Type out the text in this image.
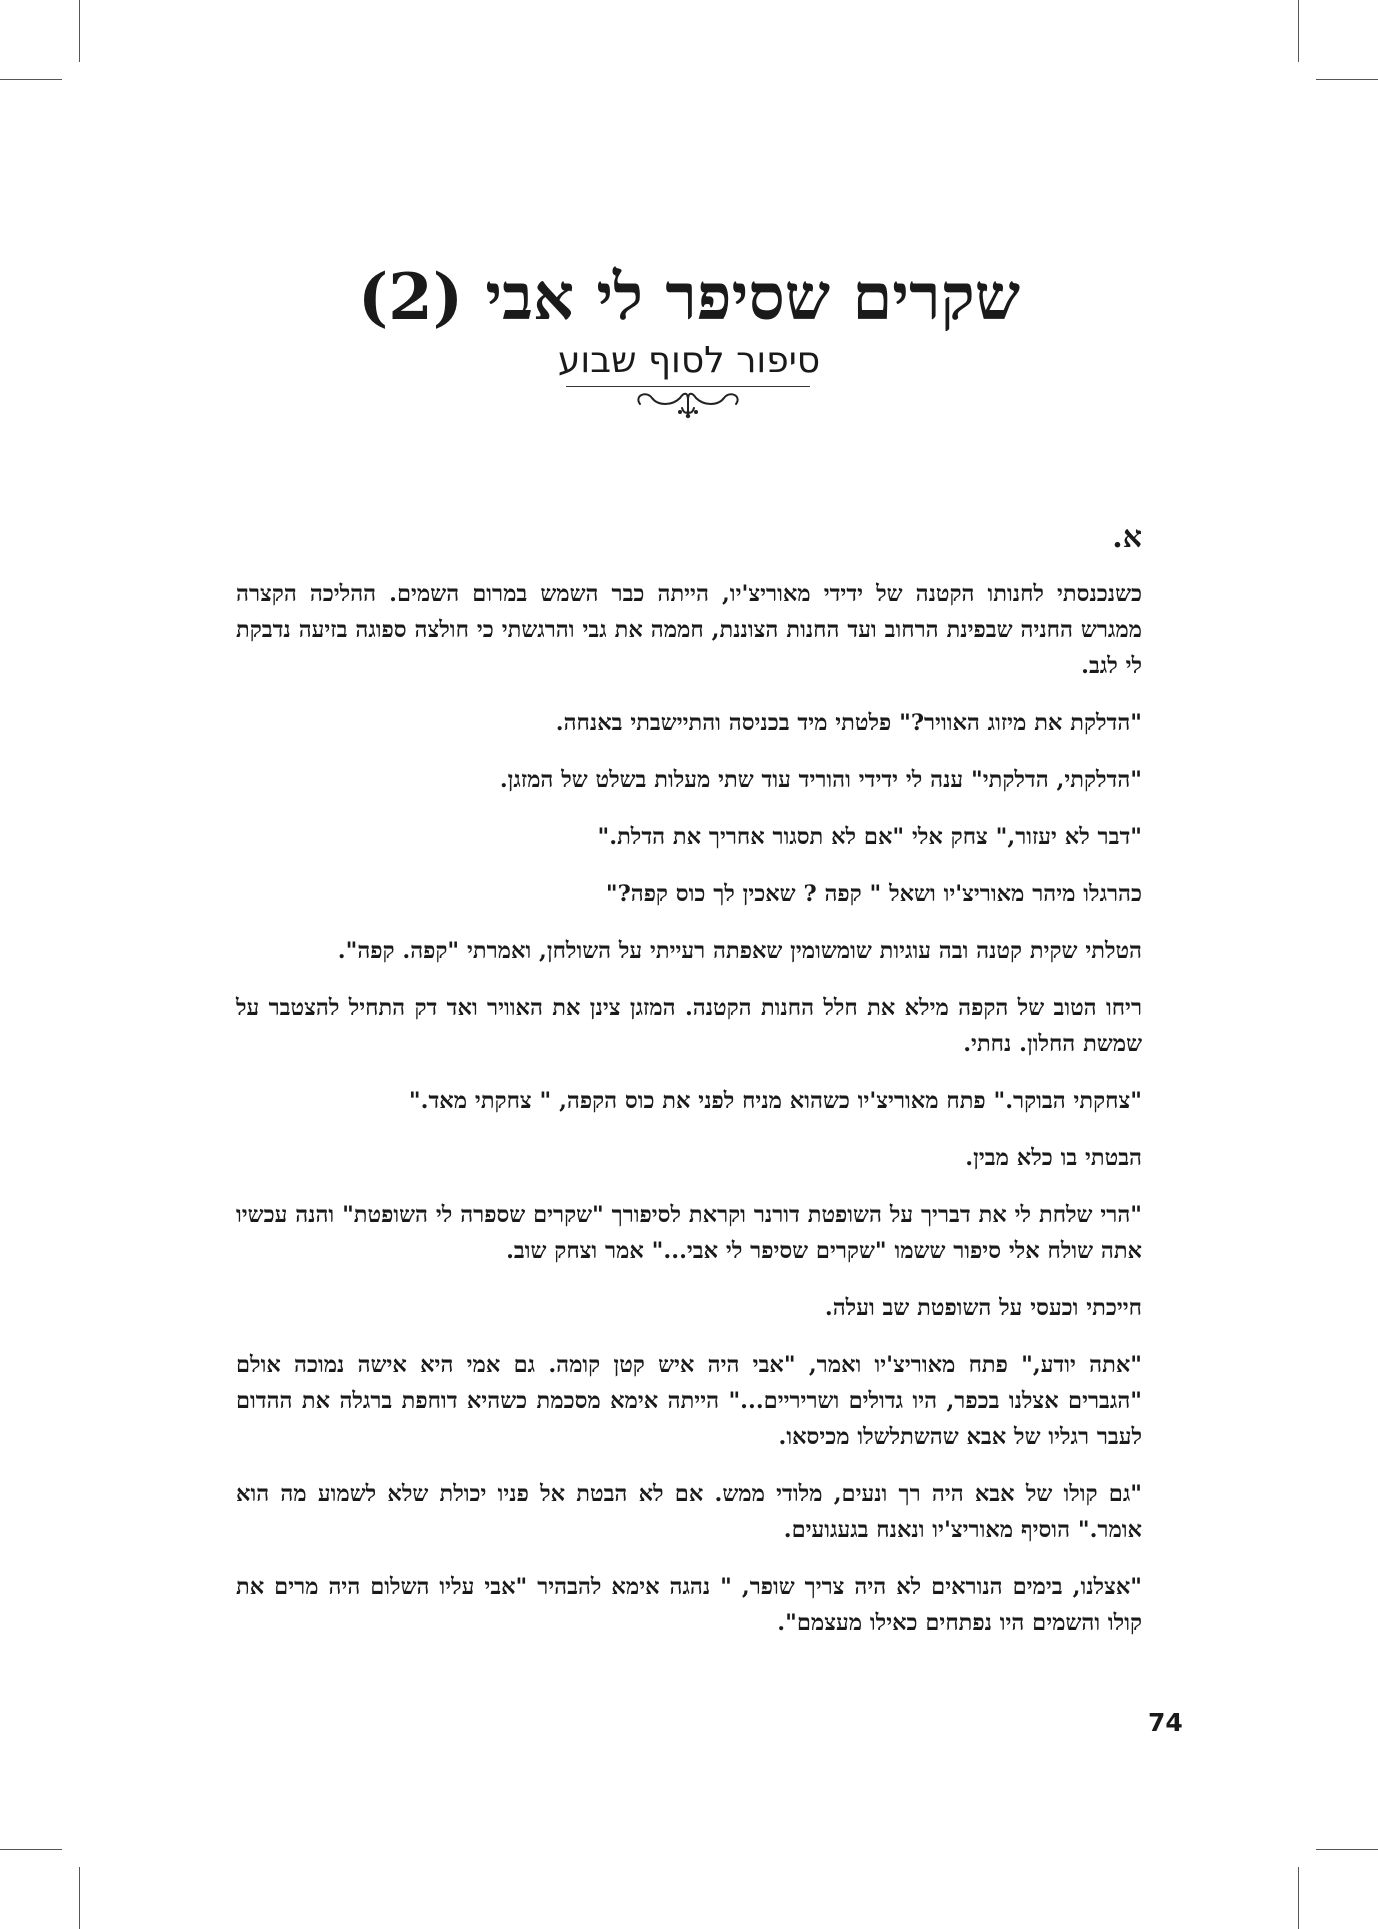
שקרים שסיפר לי אבי (2)
סיפור לסוף שבוע
א.

כשנכנסתי לחנותו הקטנה של ידידי מאוריצ'יו, הייתה כבר השמש במרום השמים. ההליכה הקצרה ממגרש החניה שבפינת הרחוב ועד החנות הצוננת, חממה את גבי והרגשתי כי חולצה ספוגה בזיעה נדבקת לי לגב.

"הדלקת את מיזוג האוויר?" פלטתי מיד בכניסה והתיישבתי באנחה.

"הדלקתי, הדלקתי" ענה לי ידידי והוריד עוד שתי מעלות בשלט של המזגן.

"דבר לא יעזור," צחק אלי "אם לא תסגור אחריך את הדלת."

כהרגלו מיהר מאוריצ'יו ושאל " קפה ? שאכין לך כוס קפה?"

הטלתי שקית קטנה ובה עוגיות שומשומין שאפתה רעייתי על השולחן, ואמרתי "קפה. קפה".

ריחו הטוב של הקפה מילא את חלל החנות הקטנה. המזגן צינן את האוויר ואד דק התחיל להצטבר על שמשת החלון. נחתי.

"צחקתי הבוקר." פתח מאוריצ'יו כשהוא מניח לפני את כוס הקפה, " צחקתי מאד."

הבטתי בו כלא מבין.

"הרי שלחת לי את דבריך על השופטת דורנר וקראת לסיפורך "שקרים שספרה לי השופטת" והנה עכשיו אתה שולח אלי סיפור ששמו "שקרים שסיפר לי אבי..." אמר וצחק שוב.

חייכתי וכעסי על השופטת שב ועלה.

"אתה יודע," פתח מאוריצ'יו ואמר, "אבי היה איש קטן קומה. גם אמי היא אישה נמוכה אולם "הגברים אצלנו בכפר, היו גדולים ושריריים..." הייתה אימא מסכמת כשהיא דוחפת ברגלה את ההדום לעבר רגליו של אבא שהשתלשלו מכיסאו.

"גם קולו של אבא היה רך ונעים, מלודי ממש. אם לא הבטת אל פניו יכולת שלא לשמוע מה הוא אומר." הוסיף מאוריצ'יו ונאנח בגעגועים.

"אצלנו, בימים הנוראים לא היה צריך שופר, " נהגה אימא להבהיר "אבי עליו השלום היה מרים את קולו והשמים היו נפתחים כאילו מעצמם".

74
